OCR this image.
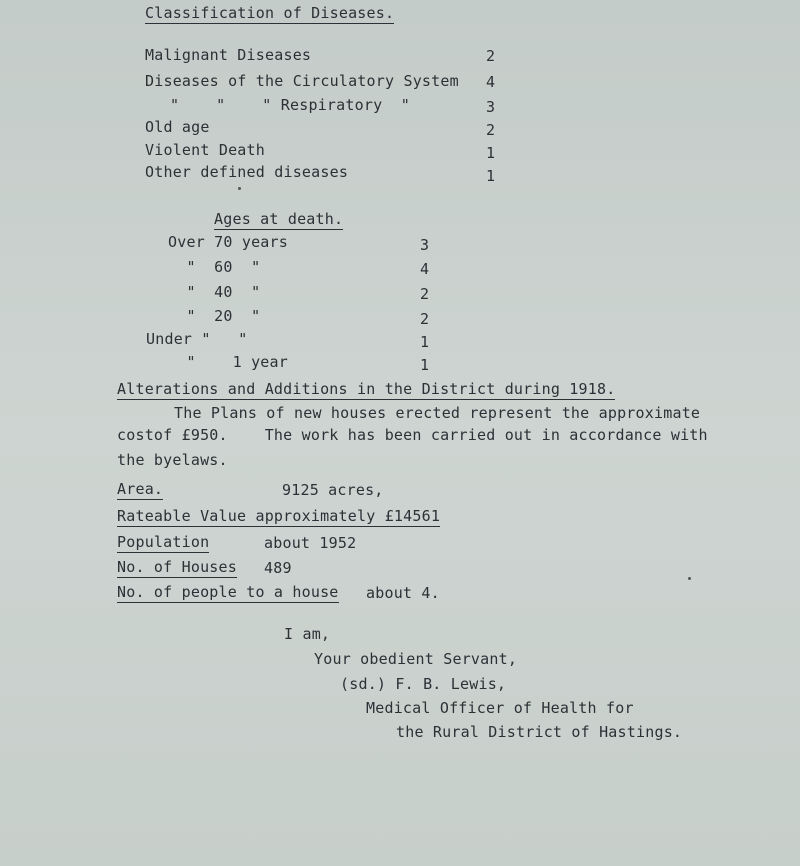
Classification of Diseases.
Malignant Diseases	2
Diseases of the Circulatory System 4
"    "    " Respiratory  "	3
Old age	2
Violent Death	1
Other defined diseases	1
Ages at death.
Over 70 years	3
"  60  "	4
"  40  "	2
"  20  "	2
Under "   "	1
"    1 year	1
Alterations and Additions in the District during 1918.
The Plans of new houses erected represent the approximate
costof £950.    The work has been carried out in accordance with
the byelaws.
Area.	9125 acres,
Rateable Value approximately £14561
Population	about 1952
No. of Houses 489
No. of people to a house about 4.
I am,
Your obedient Servant,
(sd.) F. B. Lewis,
Medical Officer of Health for
the Rural District of Hastings.
